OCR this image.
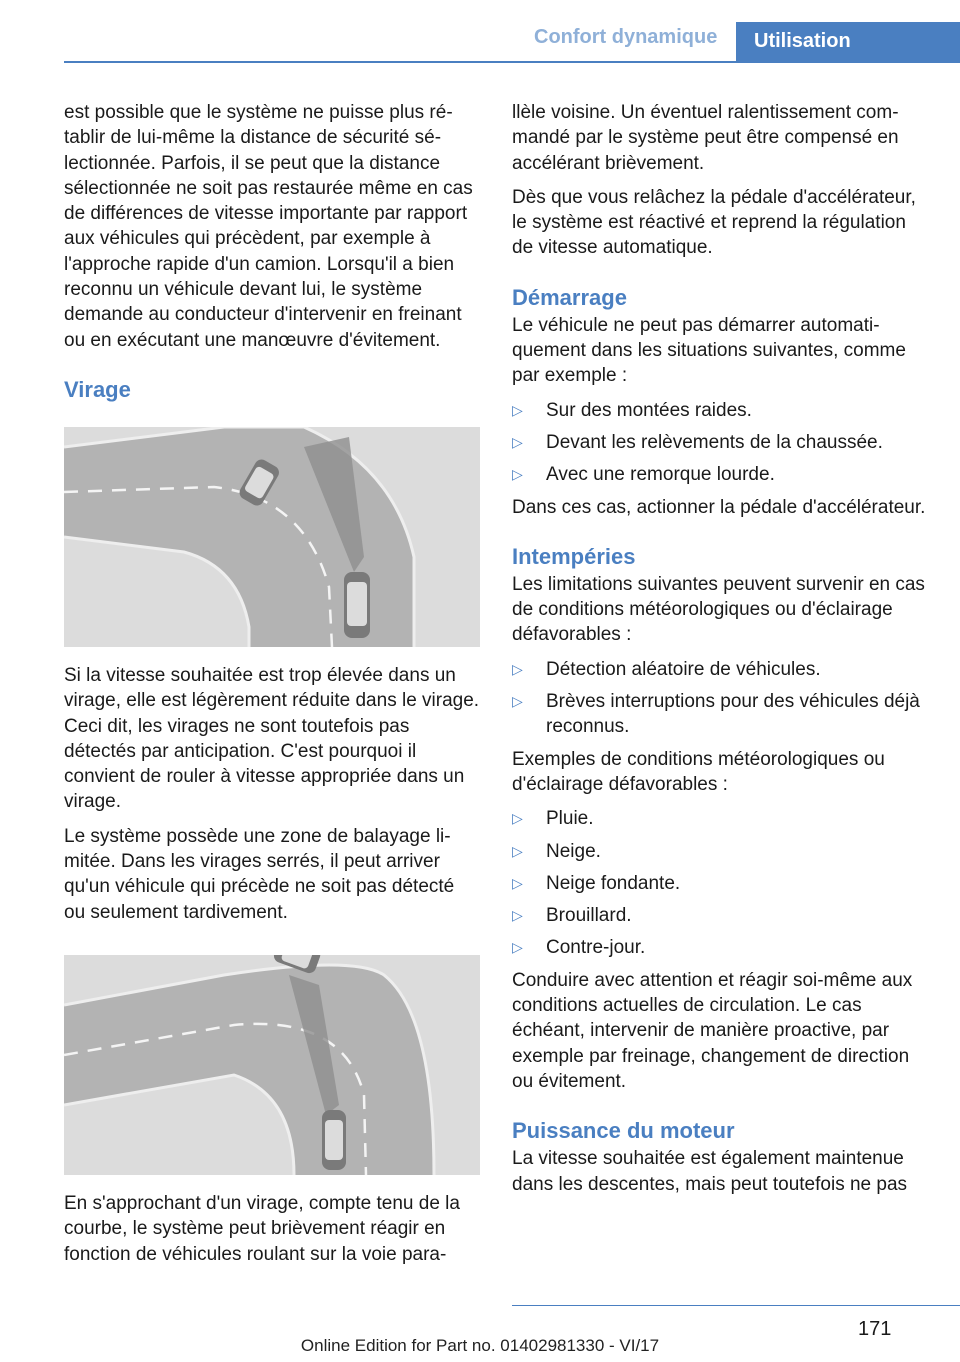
Confort dynamique	Utilisation

est possible que le système ne puisse plus rétablir de lui-même la distance de sécurité sélectionnée. Parfois, il se peut que la distance sélectionnée ne soit pas restaurée même en cas de différences de vitesse importante par rapport aux véhicules qui précèdent, par exemple à l'approche rapide d'un camion. Lorsqu'il a bien reconnu un véhicule devant lui, le système demande au conducteur d'intervenir en freinant ou en exécutant une manœuvre d'évitement.

Virage

Si la vitesse souhaitée est trop élevée dans un virage, elle est légèrement réduite dans le virage. Ceci dit, les virages ne sont toutefois pas détectés par anticipation. C'est pourquoi il convient de rouler à vitesse appropriée dans un virage.

Le système possède une zone de balayage limitée. Dans les virages serrés, il peut arriver qu'un véhicule qui précède ne soit pas détecté ou seulement tardivement.

En s'approchant d'un virage, compte tenu de la courbe, le système peut brièvement réagir en fonction de véhicules roulant sur la voie para-

llèle voisine. Un éventuel ralentissement commandé par le système peut être compensé en accélérant brièvement.

Dès que vous relâchez la pédale d'accélérateur, le système est réactivé et reprend la régulation de vitesse automatique.

Démarrage

Le véhicule ne peut pas démarrer automatiquement dans les situations suivantes, comme par exemple :

▷ Sur des montées raides.
▷ Devant les relèvements de la chaussée.
▷ Avec une remorque lourde.

Dans ces cas, actionner la pédale d'accélérateur.

Intempéries

Les limitations suivantes peuvent survenir en cas de conditions météorologiques ou d'éclairage défavorables :

▷ Détection aléatoire de véhicules.
▷ Brèves interruptions pour des véhicules déjà reconnus.

Exemples de conditions météorologiques ou d'éclairage défavorables :

▷ Pluie.
▷ Neige.
▷ Neige fondante.
▷ Brouillard.
▷ Contre-jour.

Conduire avec attention et réagir soi-même aux conditions actuelles de circulation. Le cas échéant, intervenir de manière proactive, par exemple par freinage, changement de direction ou évitement.

Puissance du moteur

La vitesse souhaitée est également maintenue dans les descentes, mais peut toutefois ne pas

171
Online Edition for Part no. 01402981330 - VI/17
